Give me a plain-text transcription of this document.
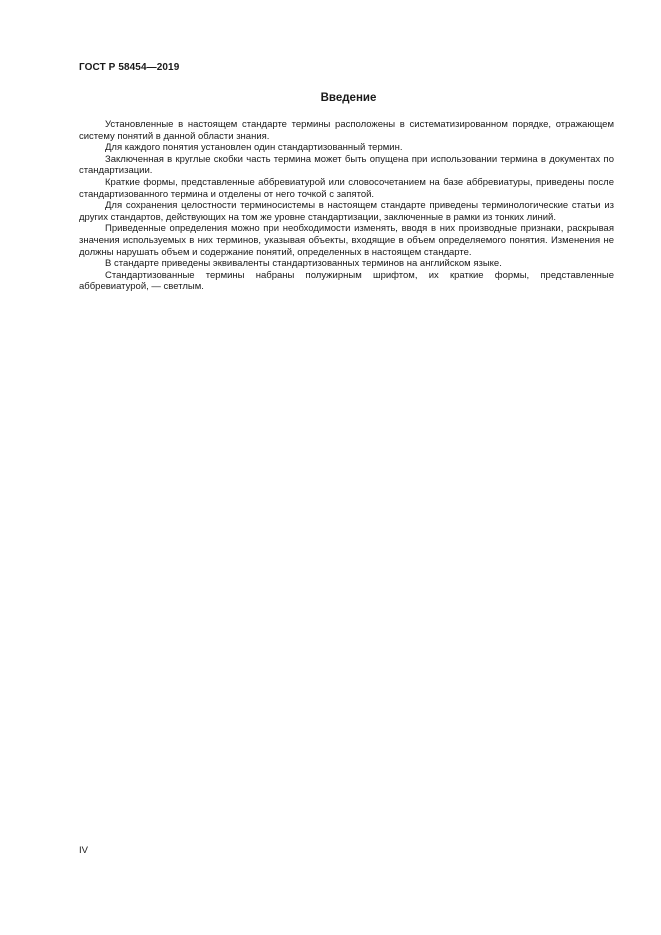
ГОСТ Р 58454—2019
Введение

Установленные в настоящем стандарте термины расположены в систематизированном порядке, отражающем систему понятий в данной области знания.

Для каждого понятия установлен один стандартизованный термин.

Заключенная в круглые скобки часть термина может быть опущена при использовании термина в документах по стандартизации.

Краткие формы, представленные аббревиатурой или словосочетанием на базе аббревиатуры, приведены после стандартизованного термина и отделены от него точкой с запятой.

Для сохранения целостности терминосистемы в настоящем стандарте приведены терминологические статьи из других стандартов, действующих на том же уровне стандартизации, заключенные в рамки из тонких линий.

Приведенные определения можно при необходимости изменять, вводя в них производные признаки, раскрывая значения используемых в них терминов, указывая объекты, входящие в объем определяемого понятия. Изменения не должны нарушать объем и содержание понятий, определенных в настоящем стандарте.

В стандарте приведены эквиваленты стандартизованных терминов на английском языке.

Стандартизованные термины набраны полужирным шрифтом, их краткие формы, представленные аббревиатурой, — светлым.

IV
